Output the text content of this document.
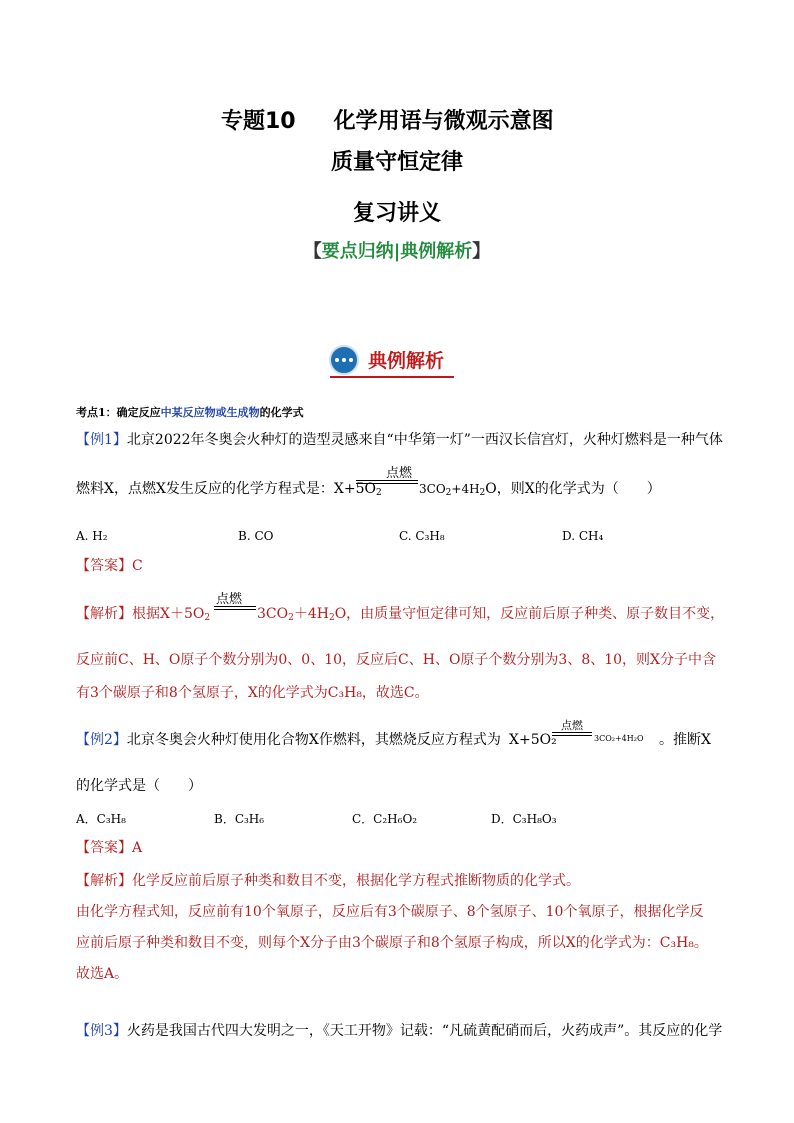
专题10 化学用语与微观示意图
质量守恒定律
复习讲义
【要点归纳|典例解析】
典例解析
考点1：确定反应中某反应物或生成物的化学式
【例1】北京2022年冬奥会火种灯的造型灵感来自“中华第一灯”一西汉长信宫灯，火种灯燃料是一种气体
燃料X，点燃X发生反应的化学方程式是：$X+5O_2$
点燃
$3CO_2+4H_2O$，则X的化学式为（　　）
A. H₂	B. CO	C. C₃H₈	D. CH₄
【答案】C
【解析】根据$X+5O_2$
点燃
$3CO_2+4H_2O$，由质量守恒定律可知，反应前后原子种类、原子数目不变，
反应前C、H、O原子个数分别为0、0、10，反应后C、H、O原子个数分别为3、8、10，则X分子中含
有3个碳原子和8个氢原子，X的化学式为C₃H₈，故选C。
【例2】北京冬奥会火种灯使用化合物X作燃料，其燃烧反应方程式为 X+5O₂
点燃
3CO₂+4H₂O 。推断X
的化学式是（　　）
A．C₃H₈	B．C₃H₆	C．C₂H₆O₂	D．C₃H₈O₃
【答案】A
【解析】化学反应前后原子种类和数目不变，根据化学方程式推断物质的化学式。
由化学方程式知，反应前有10个氧原子，反应后有3个碳原子、8个氢原子、10个氧原子，根据化学反
应前后原子种类和数目不变，则每个X分子由3个碳原子和8个氢原子构成，所以X的化学式为：C₃H₈。
故选A。
【例3】火药是我国古代四大发明之一，《天工开物》记载：“凡硫黄配硝而后，火药成声”。其反应的化学
